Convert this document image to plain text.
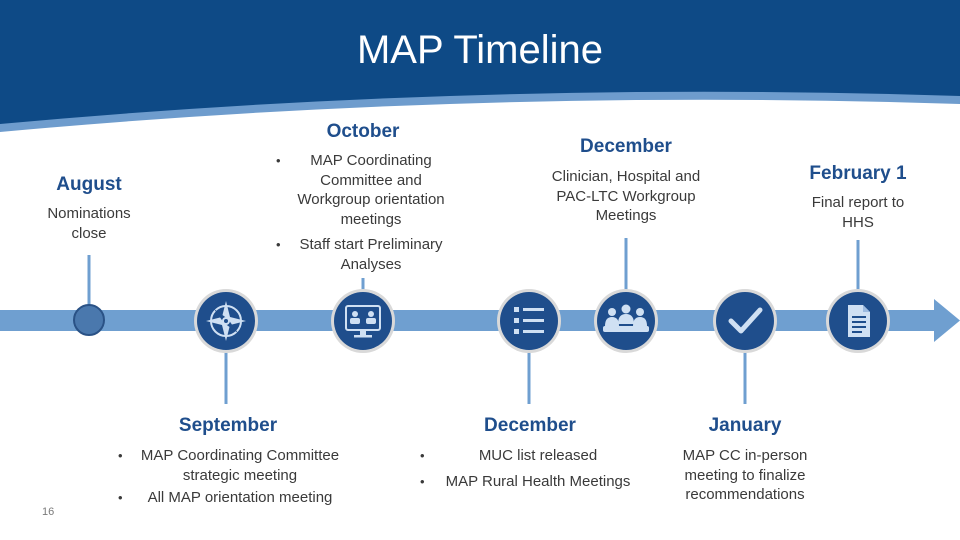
MAP Timeline
August
Nominations close
October
• MAP Coordinating Committee and Workgroup orientation meetings
• Staff start Preliminary Analyses
December
Clinician, Hospital and PAC-LTC Workgroup Meetings
February 1
Final report to HHS
September
• MAP Coordinating Committee strategic meeting
• All MAP orientation meeting
December
• MUC list released
• MAP Rural Health Meetings
January
MAP CC in-person meeting to finalize recommendations
16
